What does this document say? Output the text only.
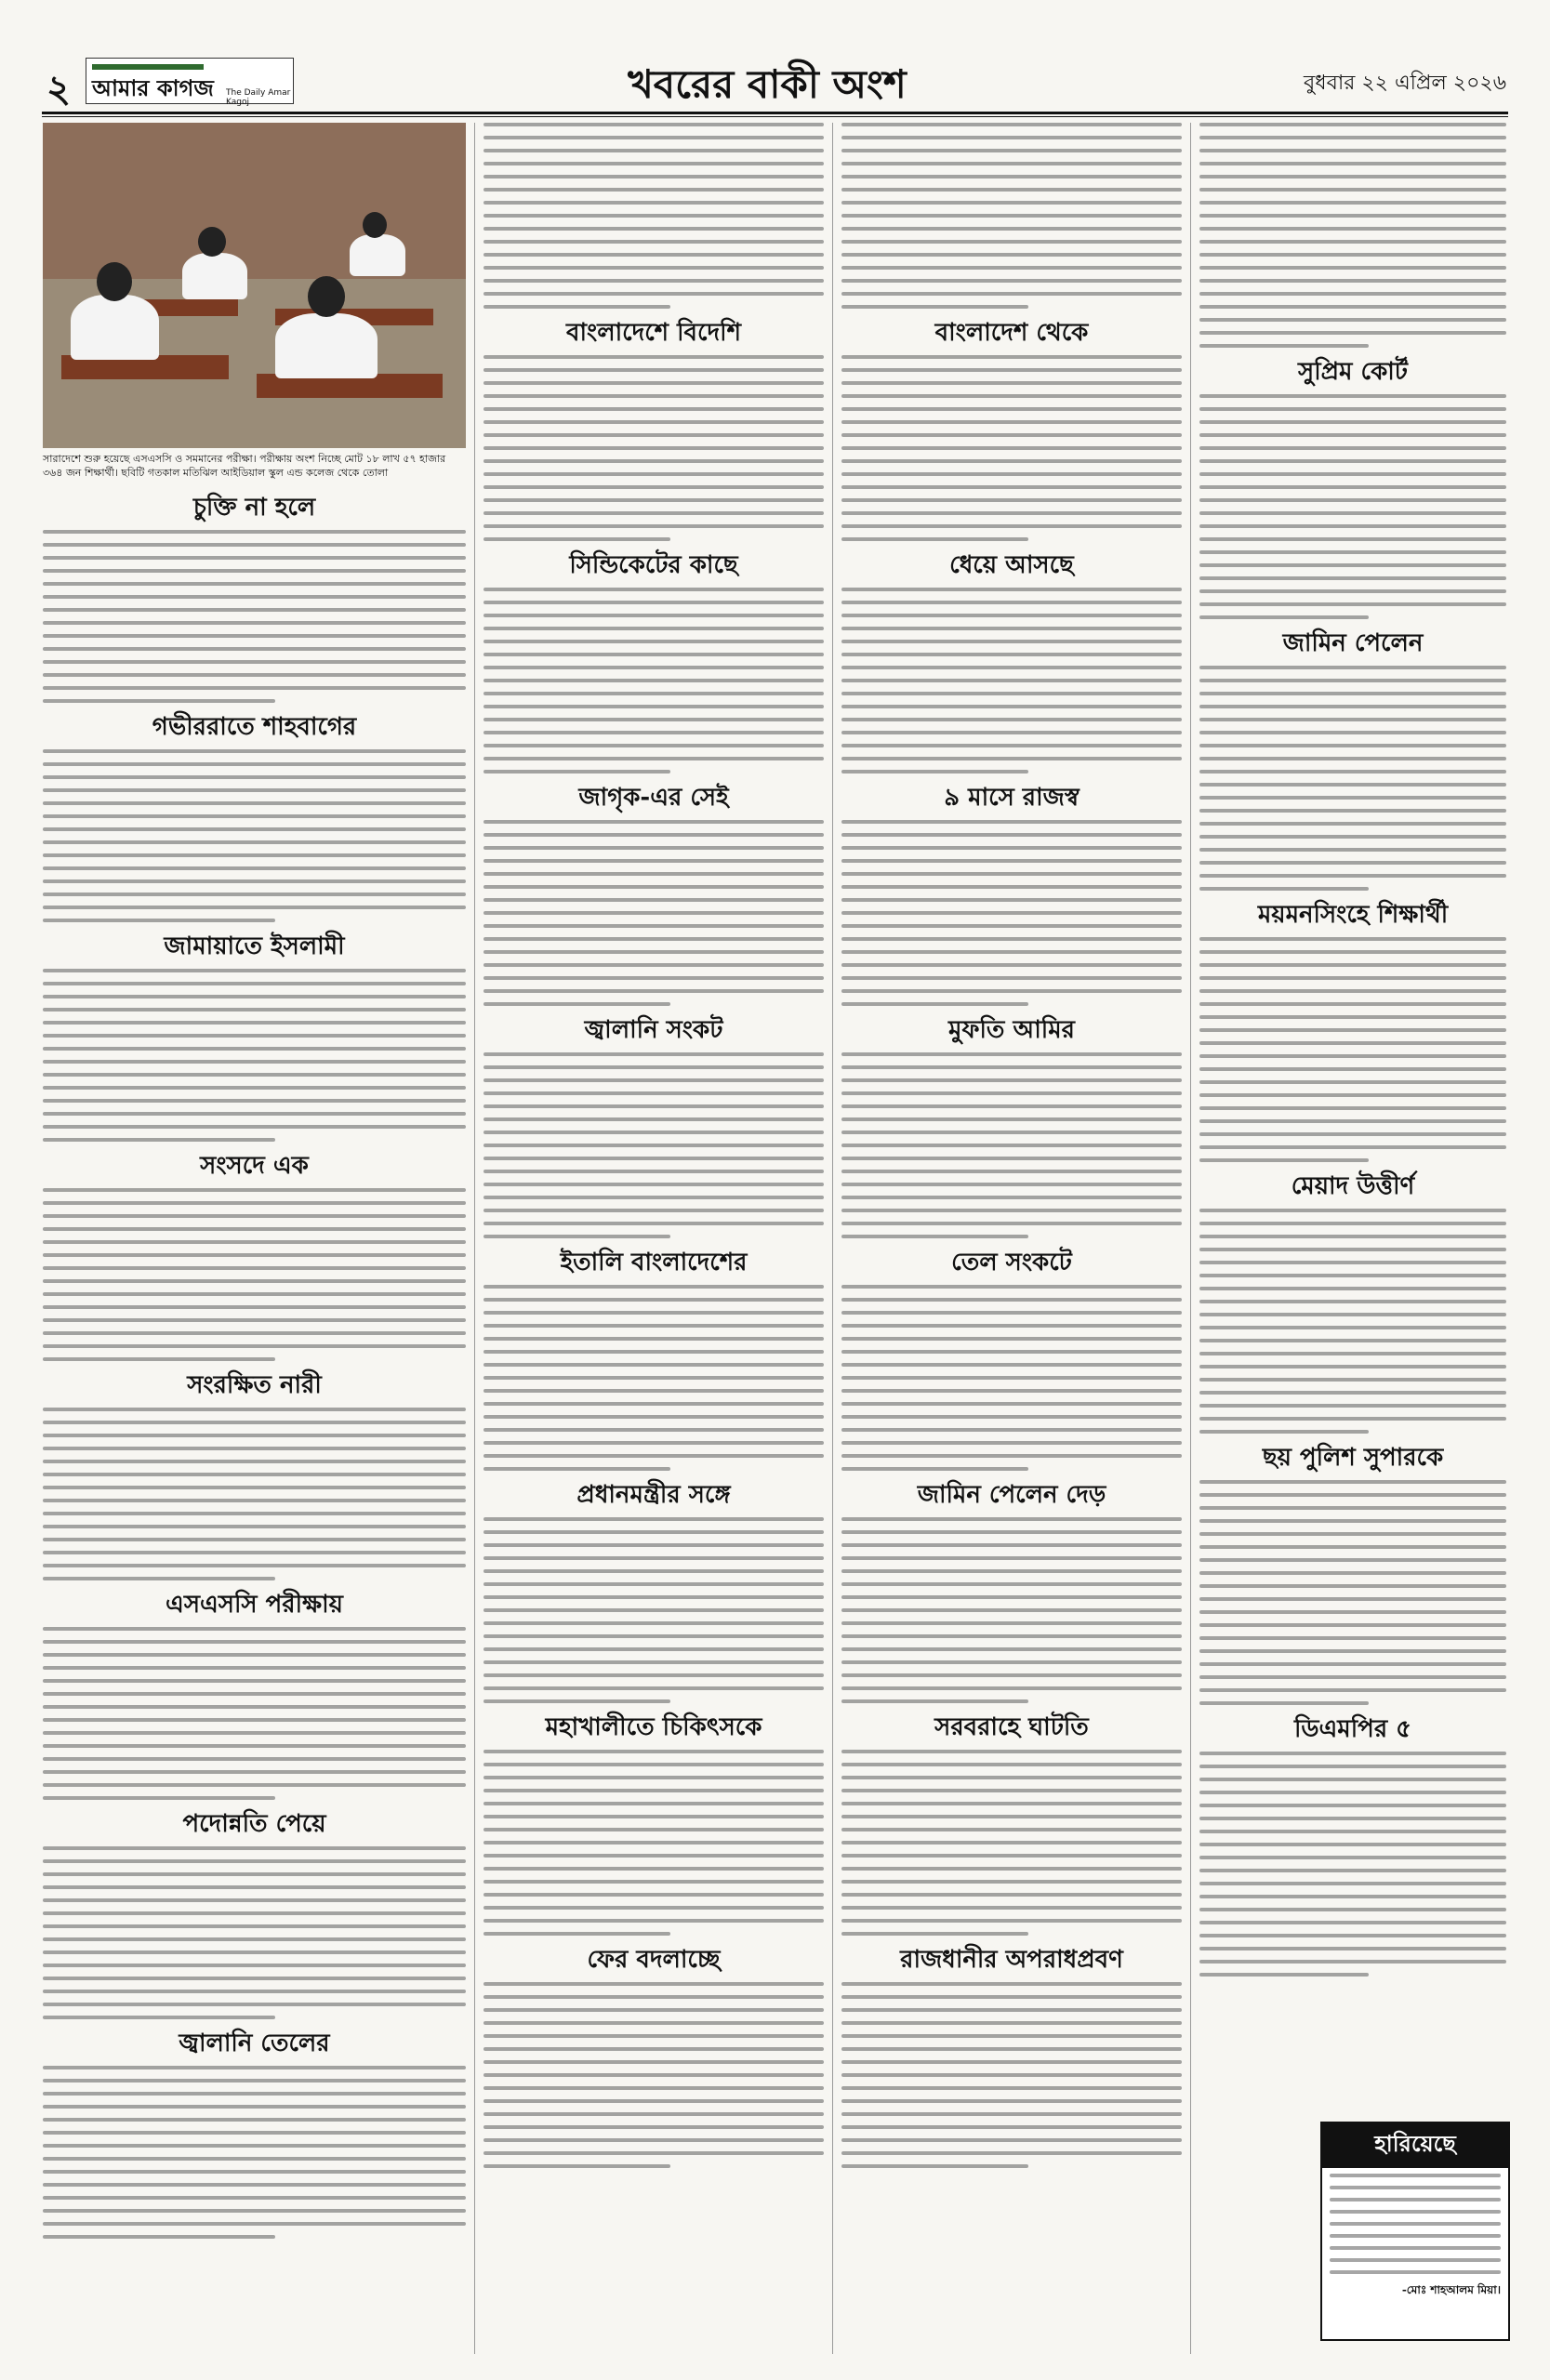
২ আমার কাগজ The Daily Amar Kagoj	খবরের বাকী অংশ	বুধবার ২২ এপ্রিল ২০২৬
সারাদেশে শুরু হয়েছে এসএসসি ও সমমানের পরীক্ষা। পরীক্ষায় অংশ নিচ্ছে মোট ১৮ লাখ ৫৭ হাজার ৩৬৪ জন শিক্ষার্থী। ছবিটি গতকাল মতিঝিল আইডিয়াল স্কুল এন্ড কলেজ থেকে তোলা
চুক্তি না হলে
গভীররাতে শাহবাগের
জামায়াতে ইসলামী
সংসদে এক
সংরক্ষিত নারী
এসএসসি পরীক্ষায়
পদোন্নতি পেয়ে
জ্বালানি তেলের
বাংলাদেশে বিদেশি
সিন্ডিকেটের কাছে
জাগৃক-এর সেই
জ্বালানি সংকট
ইতালি বাংলাদেশের
প্রধানমন্ত্রীর সঙ্গে
মহাখালীতে চিকিৎসকে
ফের বদলাচ্ছে
বাংলাদেশ থেকে
ধেয়ে আসছে
৯ মাসে রাজস্ব
মুফতি আমির
তেল সংকটে
জামিন পেলেন দেড়
সরবরাহে ঘাটতি
রাজধানীর অপরাধপ্রবণ
সুপ্রিম কোর্ট
জামিন পেলেন
ময়মনসিংহে শিক্ষার্থী
মেয়াদ উত্তীর্ণ
ছয় পুলিশ সুপারকে
ডিএমপির ৫
হারিয়েছে
-মোঃ শাহআলম মিয়া।
